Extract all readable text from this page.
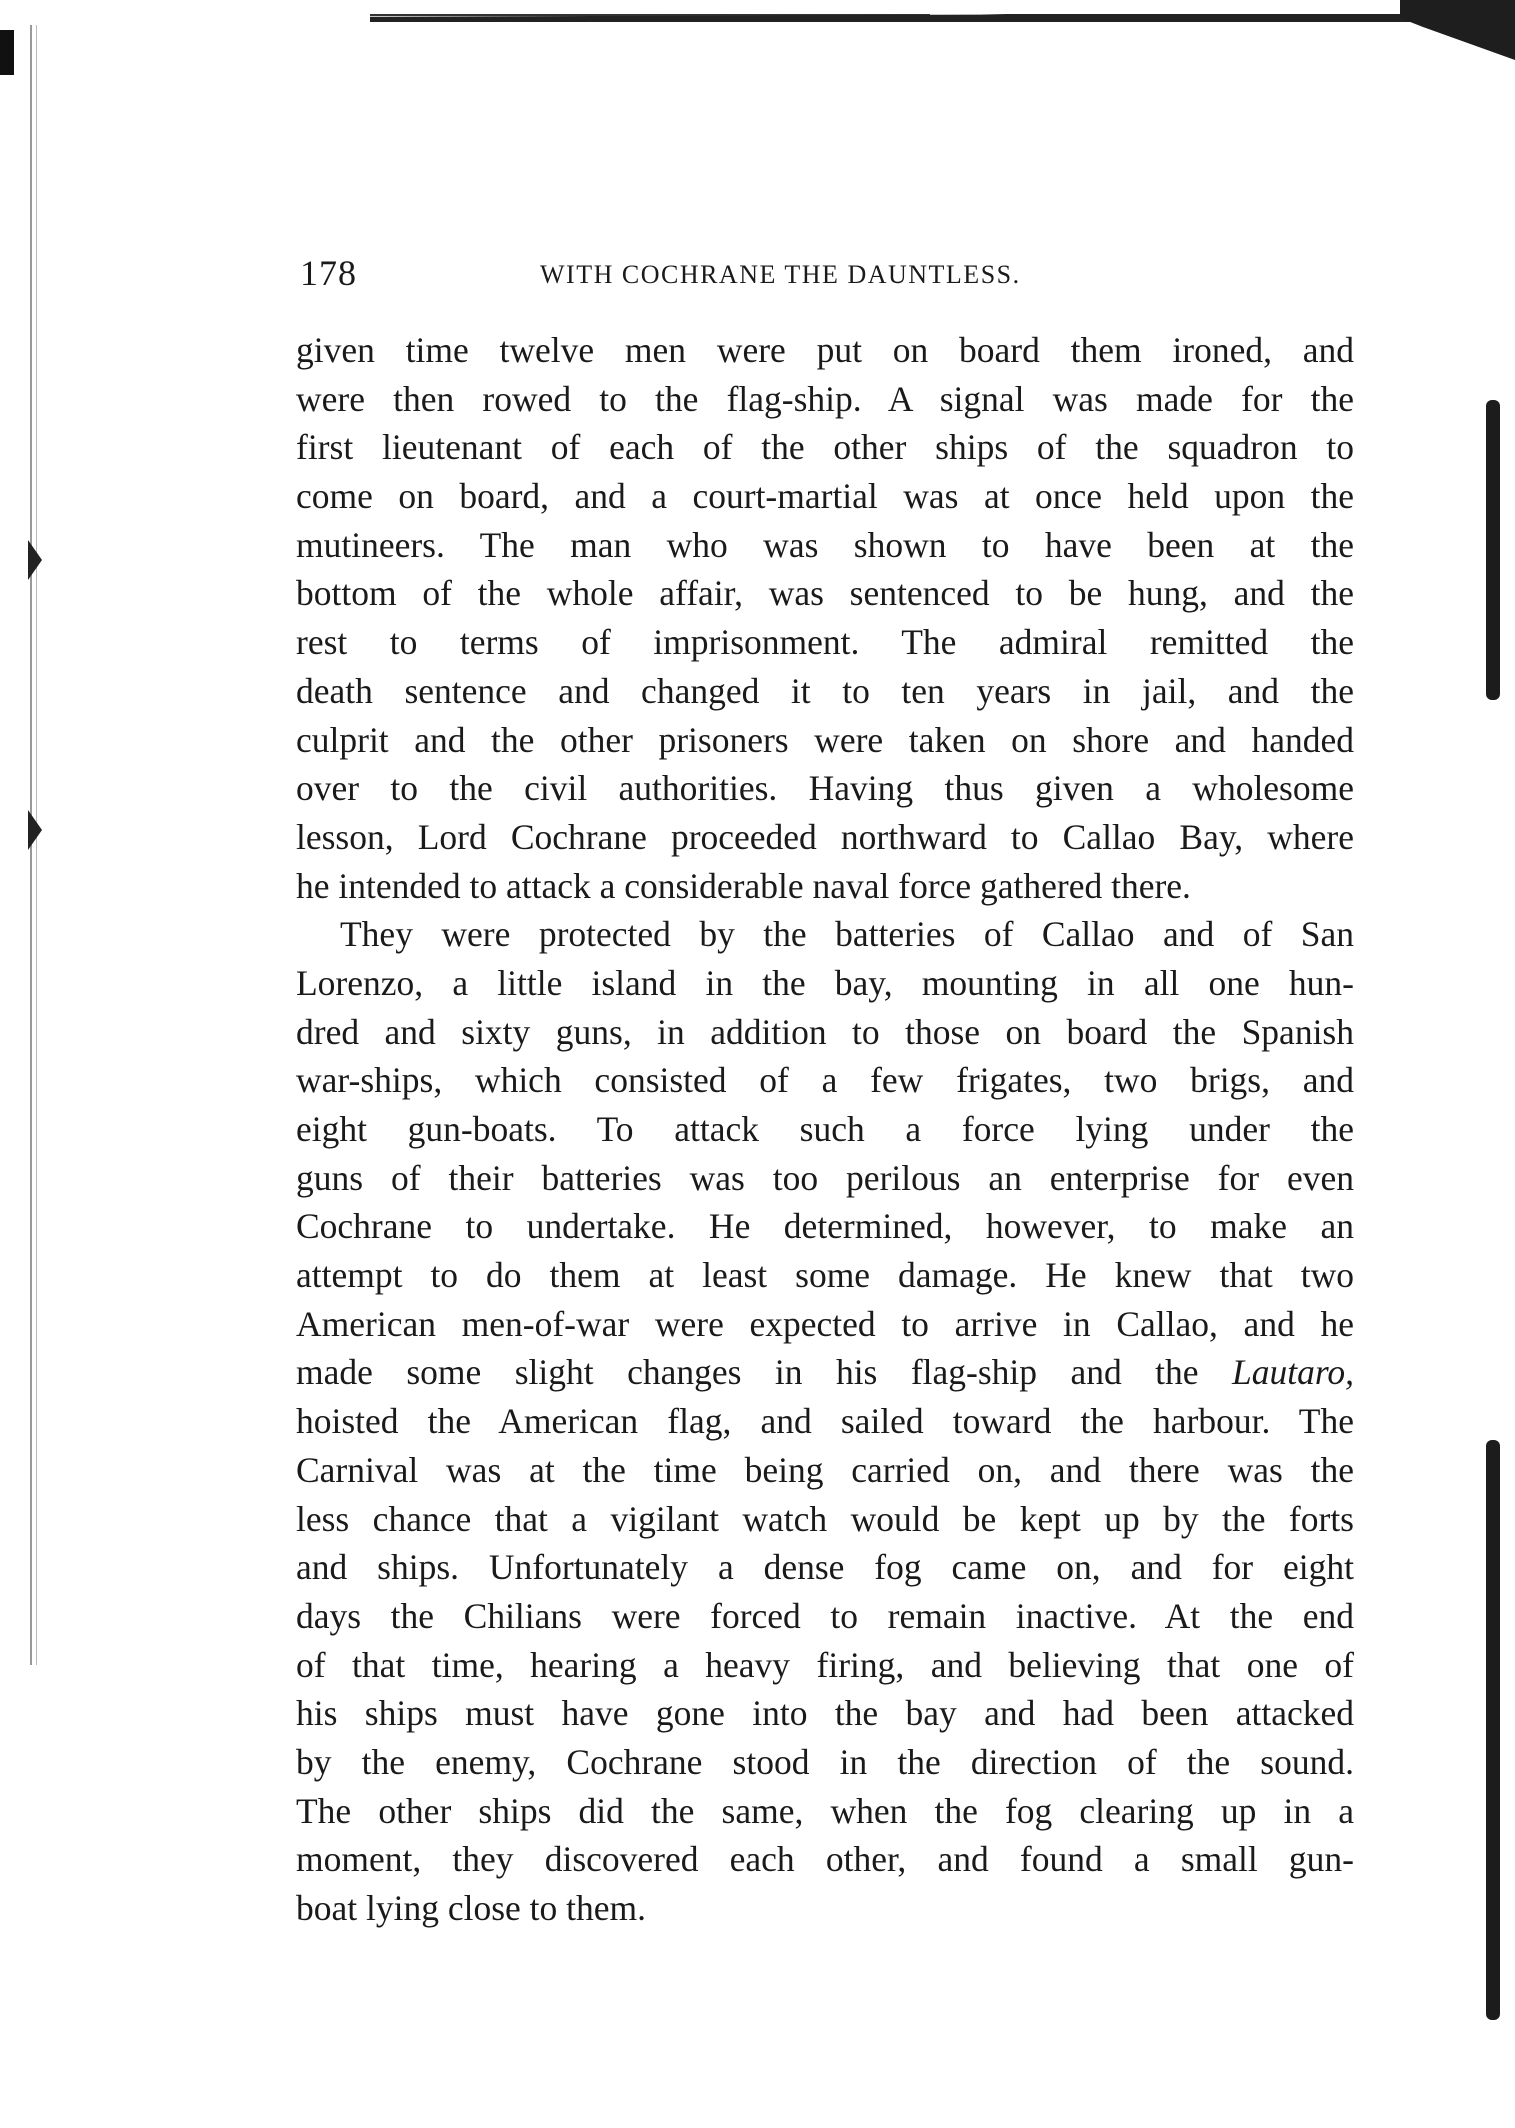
178	WITH COCHRANE THE DAUNTLESS.
given time twelve men were put on board them ironed, and
were then rowed to the flag-ship. A signal was made for the
first lieutenant of each of the other ships of the squadron to
come on board, and a court-martial was at once held upon the
mutineers. The man who was shown to have been at the
bottom of the whole affair, was sentenced to be hung, and the
rest to terms of imprisonment. The admiral remitted the
death sentence and changed it to ten years in jail, and the
culprit and the other prisoners were taken on shore and handed
over to the civil authorities. Having thus given a wholesome
lesson, Lord Cochrane proceeded northward to Callao Bay, where
he intended to attack a considerable naval force gathered there.
They were protected by the batteries of Callao and of San
Lorenzo, a little island in the bay, mounting in all one hun-
dred and sixty guns, in addition to those on board the Spanish
war-ships, which consisted of a few frigates, two brigs, and
eight gun-boats. To attack such a force lying under the
guns of their batteries was too perilous an enterprise for even
Cochrane to undertake. He determined, however, to make an
attempt to do them at least some damage. He knew that two
American men-of-war were expected to arrive in Callao, and he
made some slight changes in his flag-ship and the Lautaro,
hoisted the American flag, and sailed toward the harbour. The
Carnival was at the time being carried on, and there was the
less chance that a vigilant watch would be kept up by the forts
and ships. Unfortunately a dense fog came on, and for eight
days the Chilians were forced to remain inactive. At the end
of that time, hearing a heavy firing, and believing that one of
his ships must have gone into the bay and had been attacked
by the enemy, Cochrane stood in the direction of the sound.
The other ships did the same, when the fog clearing up in a
moment, they discovered each other, and found a small gun-
boat lying close to them.
